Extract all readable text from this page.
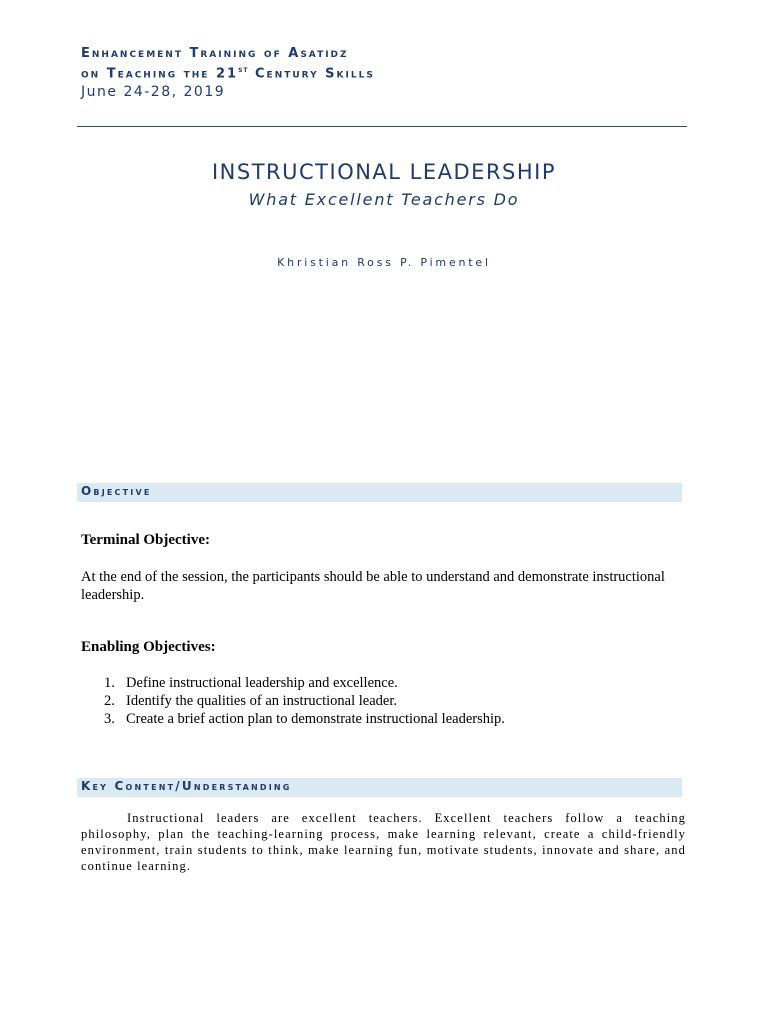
Enhancement Training of Asatidz
on Teaching the 21st Century Skills
June 24-28, 2019
INSTRUCTIONAL LEADERSHIP
What Excellent Teachers Do
Khristian Ross P. Pimentel
Objective
Terminal Objective:
At the end of the session, the participants should be able to understand and demonstrate instructional leadership.
Enabling Objectives:
1. Define instructional leadership and excellence.
2. Identify the qualities of an instructional leader.
3. Create a brief action plan to demonstrate instructional leadership.
Key Content/Understanding
Instructional leaders are excellent teachers. Excellent teachers follow a teaching philosophy, plan the teaching-learning process, make learning relevant, create a child-friendly environment, train students to think, make learning fun, motivate students, innovate and share, and continue learning.
